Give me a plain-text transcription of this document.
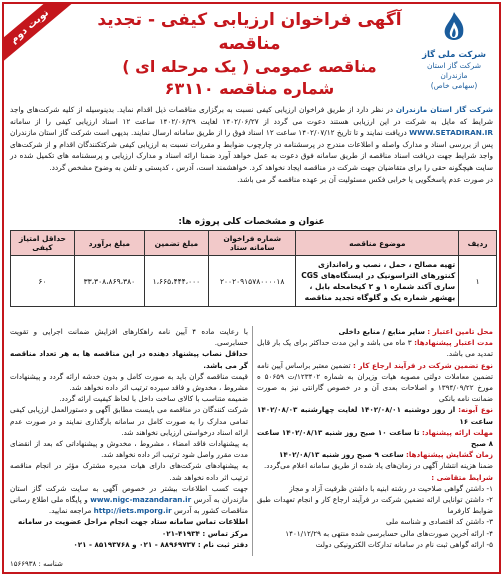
نوبت دوم
شرکت ملی گاز
شرکت گاز استان مازندران
(سهامی خاص)
آگهی فراخوان ارزیابی کیفی - تجدید مناقصه
مناقصه عمومی ( یک مرحله ای )
شماره مناقصه ۶۳۱۱۰

شرکت گاز استان مازندران در نظر دارد از طریق فراخوان ارزیابی کیفی نسبت به برگزاری مناقصات ذیل اقدام نماید. بدینوسیله از کلیه شرکت‌های واجد شرایط که مایل به شرکت در این ارزیابی هستند دعوت می گردد از ۱۴۰۲/۰۶/۲۷ لغایت ۱۴۰۲/۰۶/۲۹ ساعت ۱۲ اسناد ارزیابی کیفی را از سامانه WWW.SETADIRAN.IR دریافت نمایند و تا تاریخ ۱۴۰۲/۰۷/۱۲ ساعت ۱۲ اسناد فوق را از طریق سامانه ارسال نمایند. بدیهی است شرکت گاز استان مازندران پس از بررسی اسناد و مدارک واصله و اطلاعات مندرج در پرسشنامه در چارچوب ضوابط و مقررات نسبت به ارزیابی کیفی شرکتکنندگان اقدام و از شرکت‌های واجد شرایط جهت دریافت اسناد مناقصه از طریق سامانه فوق دعوت به عمل خواهد آورد ضمنا ارائه اسناد و مدارک ارزیابی و پرسشنامه های تکمیل شده در سایت هیچگونه حقی را برای متقاضیان جهت شرکت در مناقصه ایجاد نخواهد کرد. خواهشمند است، آدرس ، کدپستی و تلفن به وضوح مشخص گردد.

در صورت عدم پاسخگویی یا خرابی فکس مسئولیت آن بر عهده مناقصه گر می باشد.

عنوان و مشخصات کلی پروژه ها:
ردیف	موضوع مناقصه	شماره فراخوان سامانه ستاد	مبلغ تضمین	مبلغ برآورد	حداقل امتیاز کیفی
۱	تهیه مصالح ، حمل ، نصب و راه‌اندازی کنتورهای التراسونیک در ایستگاه‌های CGS ساری آکند شماره ۱ و ۲ کیخامحله بابل ، بهشهر شماره یک و گلوگاه تجدید مناقصه	۲۰۰۲۰۹۱۵۷۸۰۰۰۰۱۸	۱،۶۶۵،۴۴۴،۰۰۰	۳۳،۳۰۸،۸۶۹،۳۸۰	۶۰

محل تامین اعتبار : سایر منابع / منابع داخلی

مدت اعتبار پیشنهادها: ۳ ماه می باشد و این مدت حداکثر برای یک بار قابل تمدید می باشد.

نوع تضمین شرکت در فرآیند ارجاع کار : تضمین معتبر براساس آیین نامه تضمین معاملات دولتی مصوبه هیات وزیران به شماره ۱۲۳۴۰۲/ت ۵۰۶۵۹ ه مورخ ۱۳۹۴/۰۹/۲۲ و اصلاحات بعدی آن و در خصوص گارانتی نیز به صورت ضمانت نامه بانکی

نوع آبونه: از روز دوشنبه ۱۴۰۲/۰۸/۰۱ لغایت چهارشنبه ۱۴۰۲/۰۸/۰۳ ساعت ۱۶

مهلت ارائه پیشنهاد: تا ساعت ۱۰ صبح روز شنبه ۱۴۰۲/۰۸/۱۳ ساعت ۸ صبح

زمان گشایش پیشنهادها: ساعت ۹ صبح روز شنبه ۱۴۰۲/۰۸/۱۳

ضمنا هزینه انتشار آگهی در زمان‌های یاد شده از طریق سامانه اعلام می‌گردد.

شرایط متقاضی :

۱- داشتن گواهی صلاحیت در رشته ابنیه با داشتن ظرفیت آزاد و مجاز

۲- داشتن توانایی ارائه تضمین شرکت در فرآیند ارجاع کار و انجام تعهدات طبق ضوابط کارفرما

۳- داشتن کد اقتصادی و شناسه ملی

۴- ارائه آخرین صورت‌های مالی حسابرسی شده منتهی به ۱۴۰۱/۱۲/۲۹

۵- ارائه گواهی ثبت نام در سامانه تدارکات الکترونیکی دولت

با رعایت ماده ۴ آیین نامه راهکارهای افزایش ضمانت اجرایی و تقویت حسابرسی.

حداقل نصاب پیشنهاد دهنده در این مناقصه ها به هر تعداد مناقصه گر می باشد.

قیمت مناقصه گران باید به صورت کامل و بدون خدشه ارائه گردد و پیشنهادات مشروط ، مخدوش و فاقد سپرده ترتیب اثر داده نخواهد شد.

ضمیمه متناسب با کالای ساخت داخل با لحاظ کیفیت ارائه گردد.

شرکت کنندگان در مناقصه می بایست مطابق آگهی و دستورالعمل ارزیابی کیفی تمامی مدارک را به صورت کامل در سامانه بارگذاری نمایند و در صورت عدم ارائه اسناد درخواستی ارزیابی نخواهند شد.

به پیشنهادات فاقد امضاء ، مشروط ، مخدوش و پیشنهاداتی که بعد از انقضای مدت مقرر واصل شود ترتیب اثر داده نخواهد شد.

به پیشنهادهای شرکت‌های دارای هیات مدیره مشترک مؤثر در انجام مناقصه ترتیب اثر داده نخواهد شد.

جهت کسب اطلاعات بیشتر در خصوص آگهی به سایت شرکت گاز استان مازندران به آدرس www.nigc-mazandaran.ir و پایگاه ملی اطلاع رسانی مناقصات کشور به آدرس http://iets.mporg.ir مراجعه نمایید.

اطلاعات تماس سامانه ستاد جهت انجام مراحل عضویت در سامانه

مرکز تماس : ۴۱۹۳۴-۰۲۱

دفتر ثبت نام : ۸۸۹۶۹۷۳۷ - ۰۲۱ و ۸۵۱۹۳۷۶۸ - ۰۲۱

شناسه : ۱۵۶۶۹۳۸
